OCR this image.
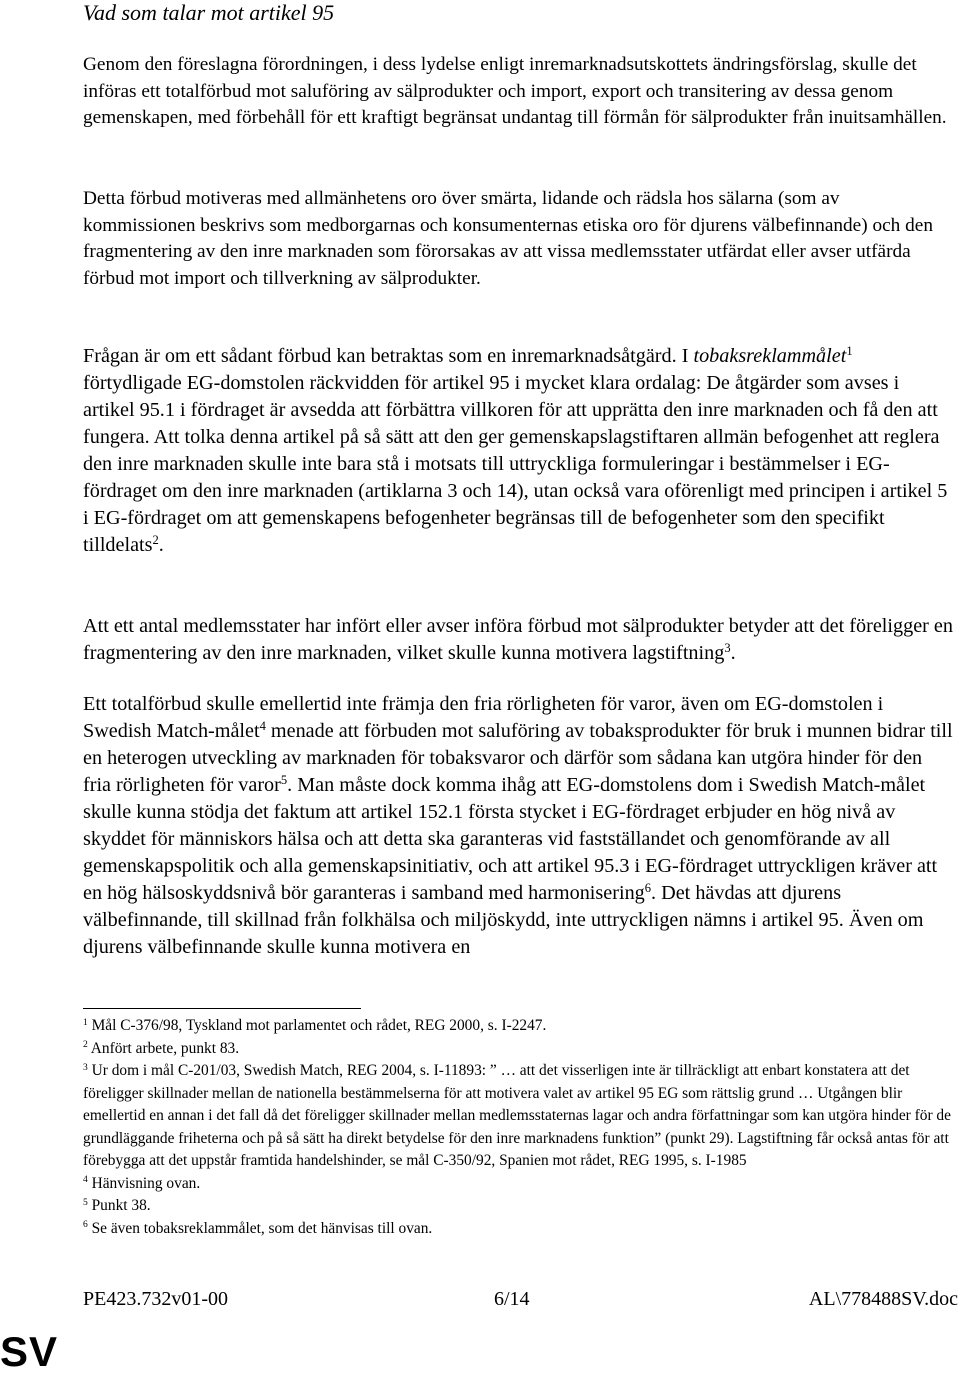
Vad som talar mot artikel 95

Genom den föreslagna förordningen, i dess lydelse enligt inremarknadsutskottets ändringsförslag, skulle det införas ett totalförbud mot saluföring av sälprodukter och import, export och transitering av dessa genom gemenskapen, med förbehåll för ett kraftigt begränsat undantag till förmån för sälprodukter från inuitsamhällen.

Detta förbud motiveras med allmänhetens oro över smärta, lidande och rädsla hos sälarna (som av kommissionen beskrivs som medborgarnas och konsumenternas etiska oro för djurens välbefinnande) och den fragmentering av den inre marknaden som förorsakas av att vissa medlemsstater utfärdat eller avser utfärda förbud mot import och tillverkning av sälprodukter.

Frågan är om ett sådant förbud kan betraktas som en inremarknadsåtgärd. I tobaksreklammålet$^1$ förtydligade EG-domstolen räckvidden för artikel 95 i mycket klara ordalag: De åtgärder som avses i artikel 95.1 i fördraget är avsedda att förbättra villkoren för att upprätta den inre marknaden och få den att fungera. Att tolka denna artikel på så sätt att den ger gemenskapslagstiftaren allmän befogenhet att reglera den inre marknaden skulle inte bara stå i motsats till uttryckliga formuleringar i bestämmelser i EG-fördraget om den inre marknaden (artiklarna 3 och 14), utan också vara oförenligt med principen i artikel 5 i EG-fördraget om att gemenskapens befogenheter begränsas till de befogenheter som den specifikt tilldelats$^2$.

Att ett antal medlemsstater har infört eller avser införa förbud mot sälprodukter betyder att det föreligger en fragmentering av den inre marknaden, vilket skulle kunna motivera lagstiftning$^3$.

Ett totalförbud skulle emellertid inte främja den fria rörligheten för varor, även om EG-domstolen i Swedish Match-målet$^4$ menade att förbuden mot saluföring av tobaksprodukter för bruk i munnen bidrar till en heterogen utveckling av marknaden för tobaksvaror och därför som sådana kan utgöra hinder för den fria rörligheten för varor$^5$. Man måste dock komma ihåg att EG-domstolens dom i Swedish Match-målet skulle kunna stödja det faktum att artikel 152.1 första stycket i EG-fördraget erbjuder en hög nivå av skyddet för människors hälsa och att detta ska garanteras vid fastställandet och genomförande av all gemenskapspolitik och alla gemenskapsinitiativ, och att artikel 95.3 i EG-fördraget uttryckligen kräver att en hög hälsoskyddsnivå bör garanteras i samband med harmonisering$^6$. Det hävdas att djurens välbefinnande, till skillnad från folkhälsa och miljöskydd, inte uttryckligen nämns i artikel 95. Även om djurens välbefinnande skulle kunna motivera en

$^1$ Mål C-376/98, Tyskland mot parlamentet och rådet, REG 2000, s. I-2247.

$^2$ Anfört arbete, punkt 83.

$^3$ Ur dom i mål C-201/03, Swedish Match, REG 2004, s. I-11893: ” … att det visserligen inte är tillräckligt att enbart konstatera att det föreligger skillnader mellan de nationella bestämmelserna för att motivera valet av artikel 95 EG som rättslig grund … Utgången blir emellertid en annan i det fall då det föreligger skillnader mellan medlemsstaternas lagar och andra författningar som kan utgöra hinder för de grundläggande friheterna och på så sätt ha direkt betydelse för den inre marknadens funktion” (punkt 29). Lagstiftning får också antas för att förebygga att det uppstår framtida handelshinder, se mål C-350/92, Spanien mot rådet, REG 1995, s. I-1985

$^4$ Hänvisning ovan.

$^5$ Punkt 38.

$^6$ Se även tobaksreklammålet, som det hänvisas till ovan.

PE423.732v01-00	6/14	AL\778488SV.doc
SV
